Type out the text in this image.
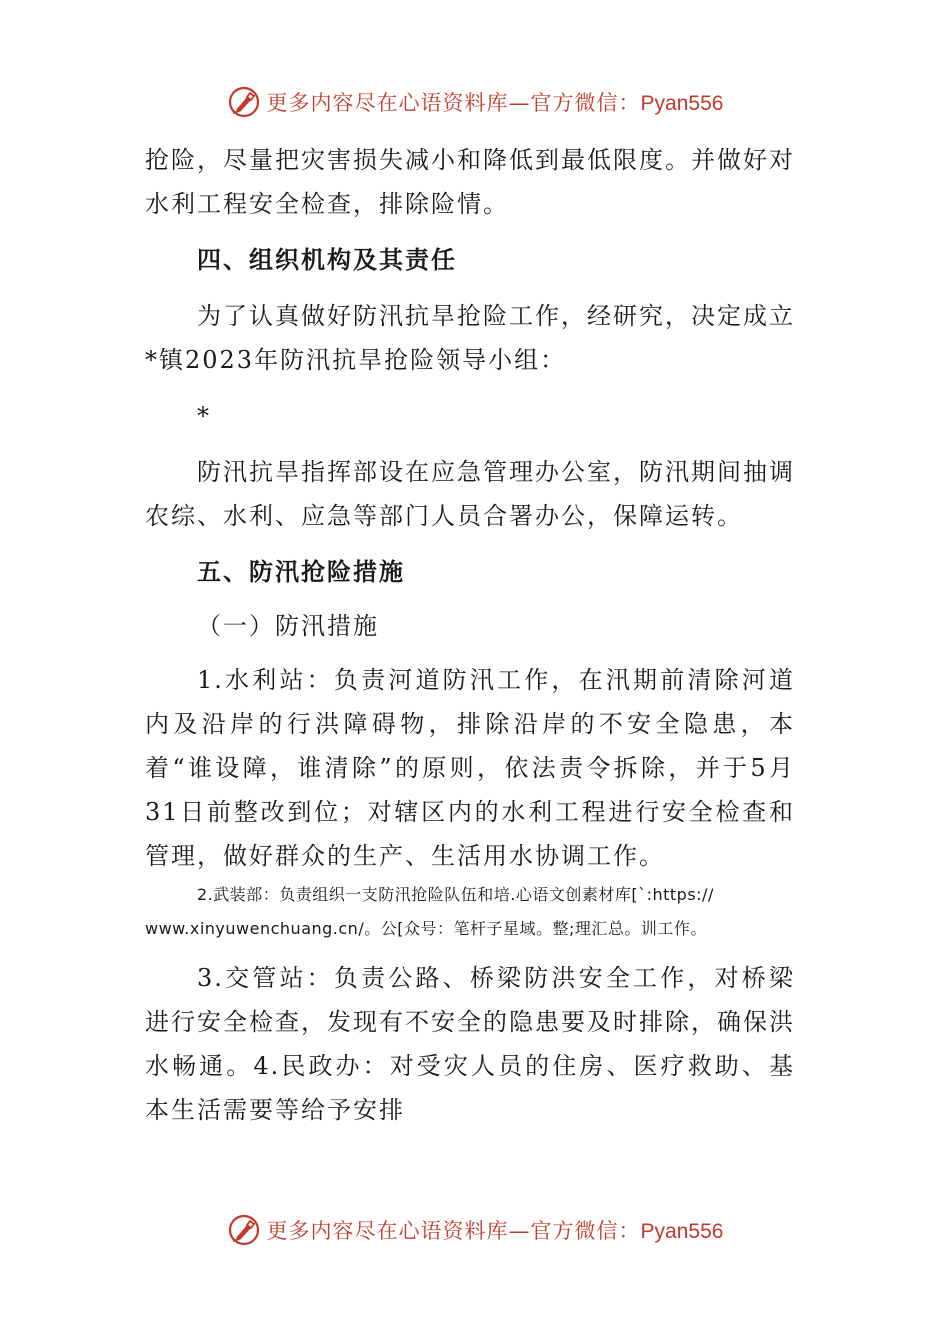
更多内容尽在心语资料库—官方微信：Pyan556

抢险，尽量把灾害损失减小和降低到最低限度。并做好对水利工程安全检查，排除险情。

四、组织机构及其责任

为了认真做好防汛抗旱抢险工作，经研究，决定成立*镇2023年防汛抗旱抢险领导小组：

*

防汛抗旱指挥部设在应急管理办公室，防汛期间抽调农综、水利、应急等部门人员合署办公，保障运转。

五、防汛抢险措施

（一）防汛措施

1.水利站：负责河道防汛工作，在汛期前清除河道内及沿岸的行洪障碍物，排除沿岸的不安全隐患，本着“谁设障，谁清除”的原则，依法责令拆除，并于5月31日前整改到位；对辖区内的水利工程进行安全检查和管理，做好群众的生产、生活用水协调工作。

2.武装部：负责组织一支防汛抢险队伍和培.心语文创素材库[`:https://

www.xinyuwenchuang.cn/。公[众号：笔杆子星域。整;理汇总。训工作。

3.交管站：负责公路、桥梁防洪安全工作，对桥梁进行安全检查，发现有不安全的隐患要及时排除，确保洪水畅通。4.民政办：对受灾人员的住房、医疗救助、基本生活需要等给予安排

更多内容尽在心语资料库—官方微信：Pyan556
